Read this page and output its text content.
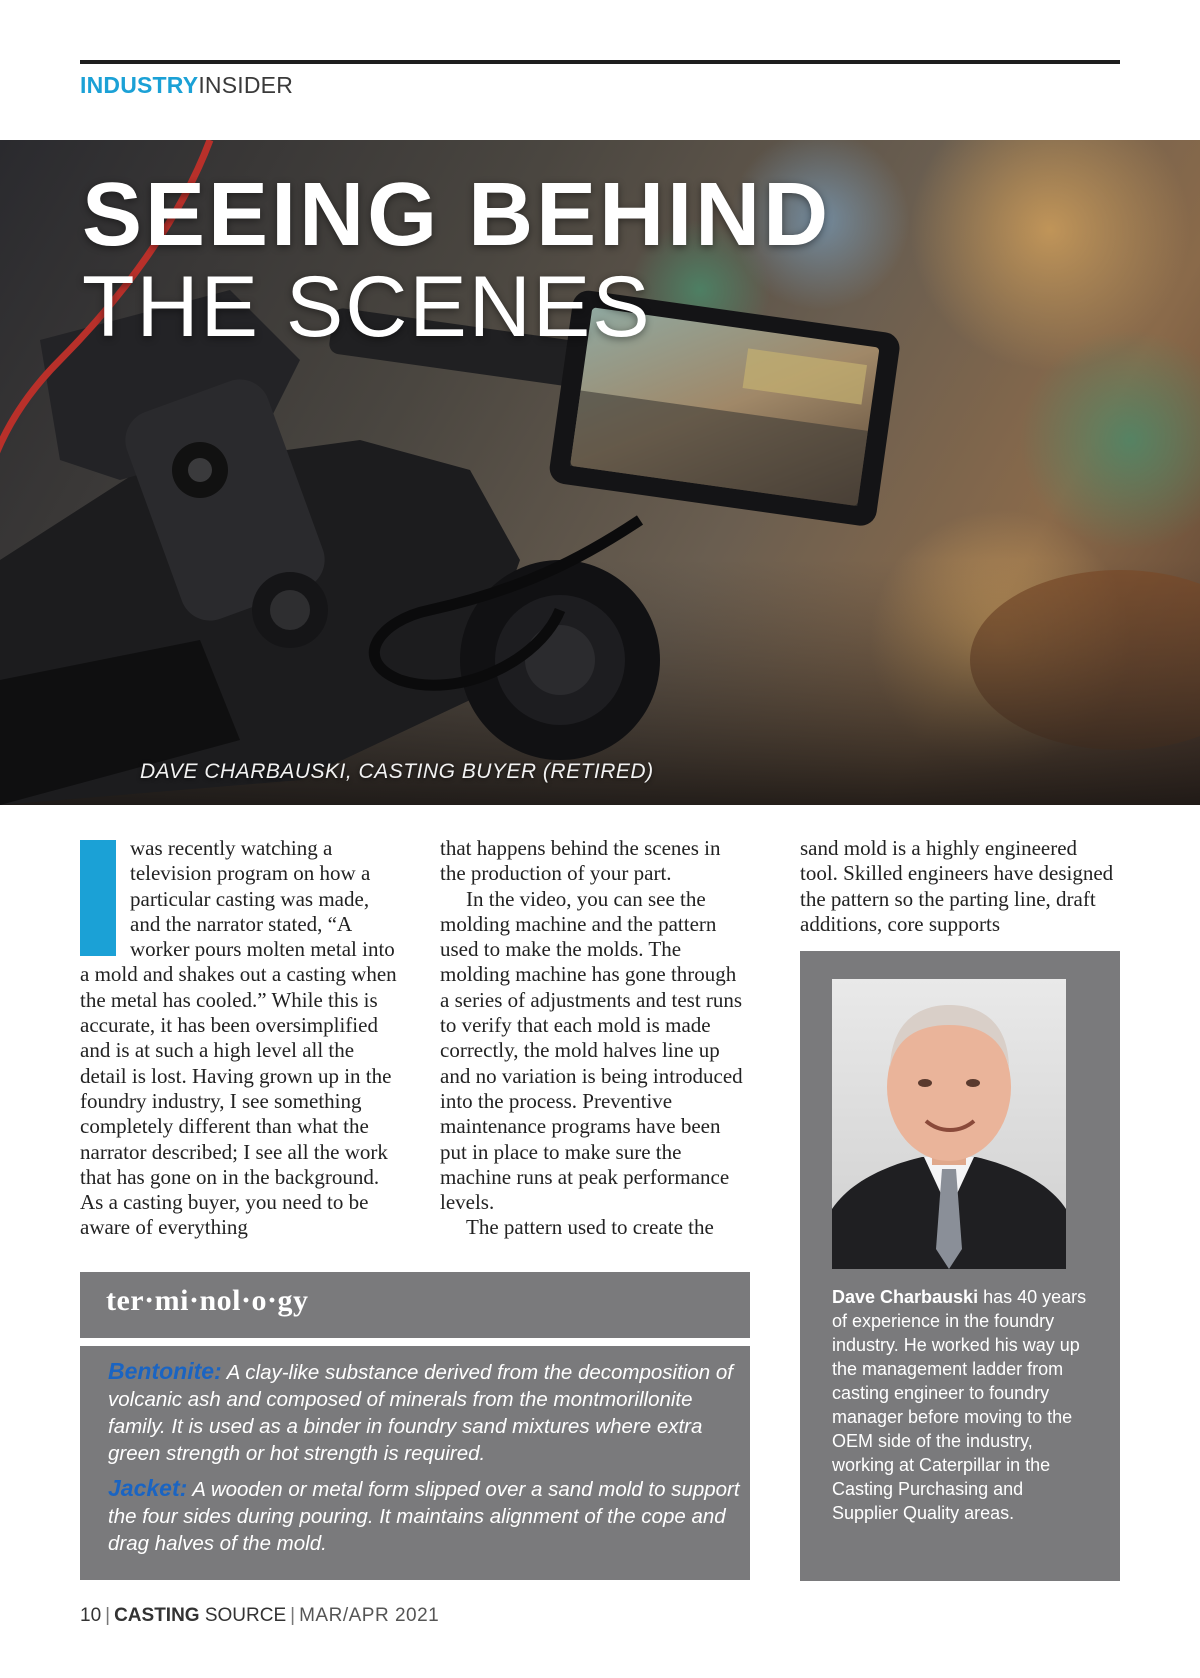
INDUSTRYINSIDER
SEEING BEHIND
THE SCENES
DAVE CHARBAUSKI, CASTING BUYER (RETIRED)

was recently watching a television program on how a particular casting was made, and the narrator stated, “A worker pours molten metal into a mold and shakes out a casting when the metal has cooled.” While this is accurate, it has been oversimplified and is at such a high level all the detail is lost. Having grown up in the foundry industry, I see something completely different than what the narrator described; I see all the work that has gone on in the background. As a casting buyer, you need to be aware of everything

that happens behind the scenes in the production of your part.

In the video, you can see the molding machine and the pattern used to make the molds. The molding machine has gone through a series of adjustments and test runs to verify that each mold is made correctly, the mold halves line up and no variation is being introduced into the process. Preventive maintenance programs have been put in place to make sure the machine runs at peak performance levels.

The pattern used to create the

sand mold is a highly engineered tool. Skilled engineers have designed the pattern so the parting line, draft additions, core supports

ter·mi·nol·o·gy

Bentonite: A clay-like substance derived from the decomposition of volcanic ash and composed of minerals from the montmorillonite family. It is used as a binder in foundry sand mixtures where extra green strength or hot strength is required.

Jacket: A wooden or metal form slipped over a sand mold to support the four sides during pouring. It maintains alignment of the cope and drag halves of the mold.

Dave Charbauski has 40 years of experience in the foundry industry. He worked his way up the management ladder from casting engineer to foundry manager before moving to the OEM side of the industry, working at Caterpillar in the Casting Purchasing and Supplier Quality areas.
10 | CASTING SOURCE | MAR/APR 2021
